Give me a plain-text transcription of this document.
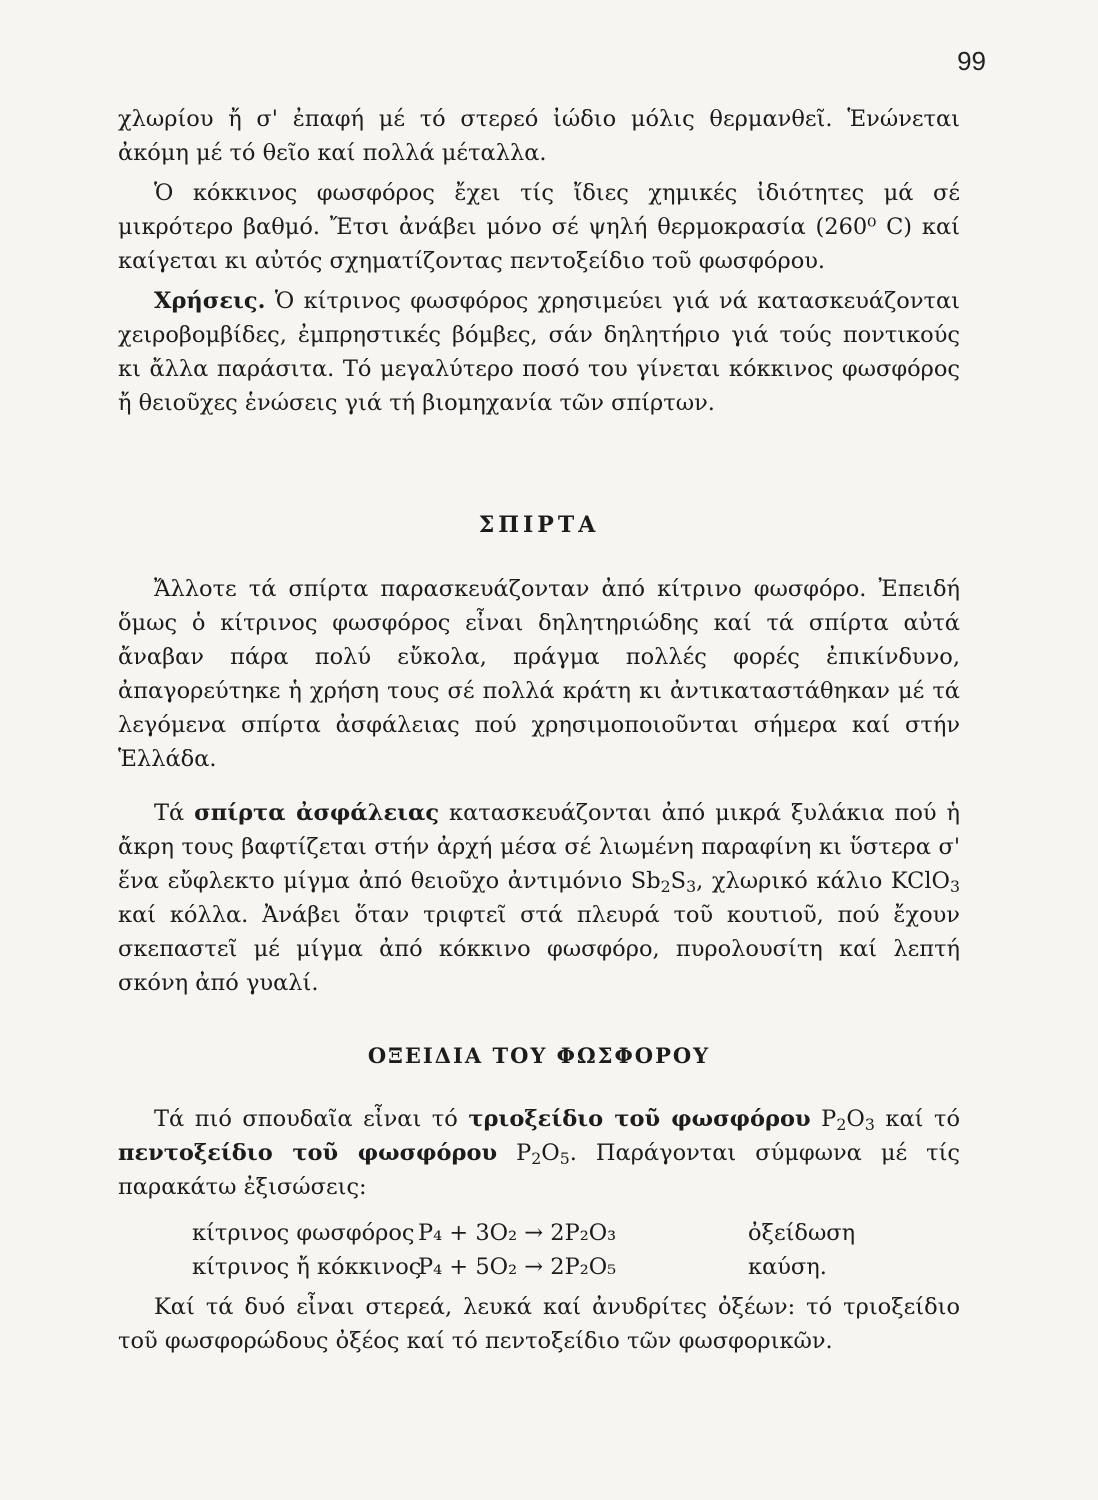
99

χλωρίου ἤ σ' ἐπαφή μέ τό στερεό ἰώδιο μόλις θερμανθεῖ. Ἑνώνεται ἀκόμη μέ τό θεῖο καί πολλά μέταλλα.

Ὁ κόκκινος φωσφόρος ἔχει τίς ἴδιες χημικές ἰδιότητες μά σέ μικρότερο βαθμό. Ἔτσι ἀνάβει μόνο σέ ψηλή θερμοκρασία (260⁰ C) καί καίγεται κι αὐτός σχηματίζοντας πεντοξείδιο τοῦ φωσφόρου.

Χρήσεις. Ὁ κίτρινος φωσφόρος χρησιμεύει γιά νά κατασκευάζονται χειροβομβίδες, ἐμπρηστικές βόμβες, σάν δηλητήριο γιά τούς ποντικούς κι ἄλλα παράσιτα. Τό μεγαλύτερο ποσό του γίνεται κόκκινος φωσφόρος ἤ θειοῦχες ἑνώσεις γιά τή βιομηχανία τῶν σπίρτων.

ΣΠΙΡΤΑ

Ἄλλοτε τά σπίρτα παρασκευάζονταν ἀπό κίτρινο φωσφόρο. Ἐπειδή ὅμως ὁ κίτρινος φωσφόρος εἶναι δηλητηριώδης καί τά σπίρτα αὐτά ἄναβαν πάρα πολύ εὔκολα, πράγμα πολλές φορές ἐπικίνδυνο, ἀπαγορεύτηκε ἡ χρήση τους σέ πολλά κράτη κι ἀντικαταστάθηκαν μέ τά λεγόμενα σπίρτα ἀσφάλειας πού χρησιμοποιοῦνται σήμερα καί στήν Ἑλλάδα.

Τά σπίρτα ἀσφάλειας κατασκευάζονται ἀπό μικρά ξυλάκια πού ἡ ἄκρη τους βαφτίζεται στήν ἀρχή μέσα σέ λιωμένη παραφίνη κι ὕστερα σ' ἕνα εὔφλεκτο μίγμα ἀπό θειοῦχο ἀντιμόνιο $Sb_2S_3$, χλωρικό κάλιο KClO$_3$ καί κόλλα. Ἀνάβει ὅταν τριφτεῖ στά πλευρά τοῦ κουτιοῦ, πού ἔχουν σκεπαστεῖ μέ μίγμα ἀπό κόκκινο φωσφόρο, πυρολουσίτη καί λεπτή σκόνη ἀπό γυαλί.

ΟΞΕΙΔΙΑ ΤΟΥ ΦΩΣΦΟΡΟΥ

Τά πιό σπουδαῖα εἶναι τό τριοξείδιο τοῦ φωσφόρου $P_2O_3$ καί τό πεντοξείδιο τοῦ φωσφόρου $P_2O_5$. Παράγονται σύμφωνα μέ τίς παρακάτω ἐξισώσεις:

κίτρινος φωσφόρος P₄ + 3O₂ → 2P₂O₃	ὀξείδωση
κίτρινος ἤ κόκκινοςP₄ + 5O₂ → 2P₂O₅	καύση.

Καί τά δυό εἶναι στερεά, λευκά καί ἀνυδρίτες ὀξέων: τό τριοξείδιο τοῦ φωσφορώδους ὀξέος καί τό πεντοξείδιο τῶν φωσφορικῶν.
